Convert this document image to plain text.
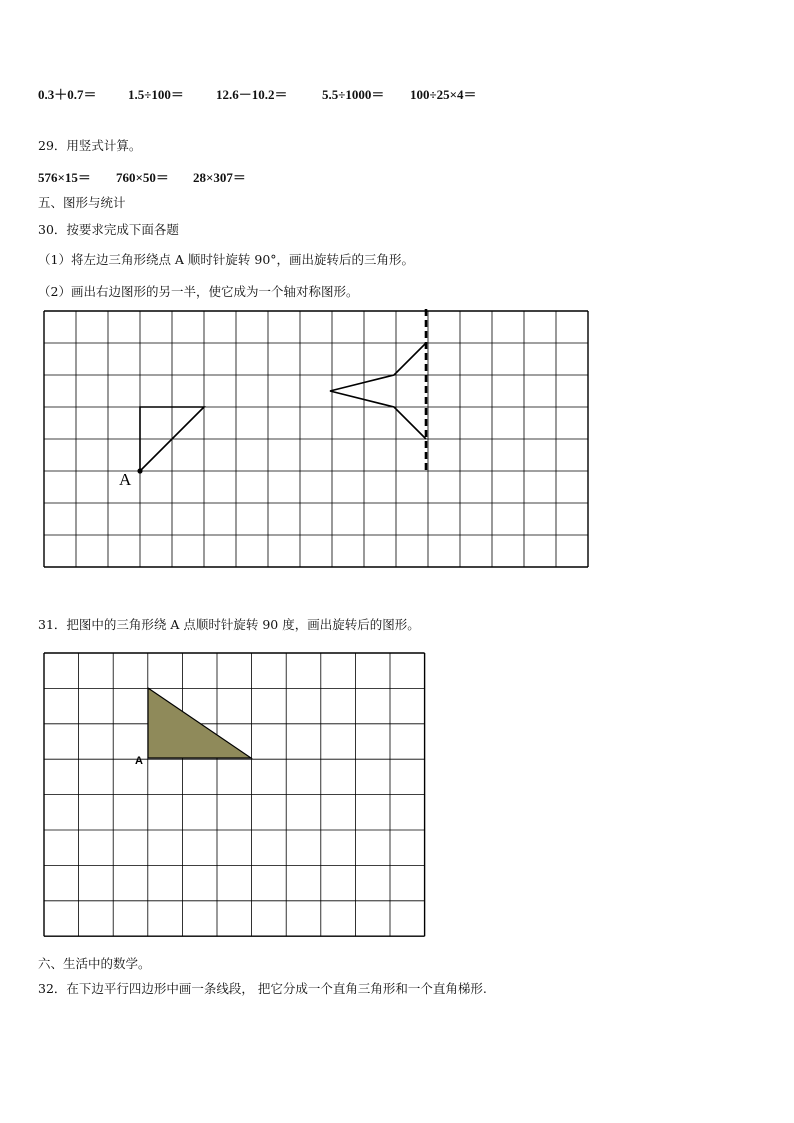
0.3＋0.7＝ 1.5÷100＝ 12.6－10.2＝	5.5÷1000＝ 100÷25×4＝
29．用竖式计算。
576×15＝ 760×50＝ 28×307＝
五、图形与统计
30．按要求完成下面各题
（1）将左边三角形绕点 A 顺时针旋转 90°，画出旋转后的三角形。
（2）画出右边图形的另一半，使它成为一个轴对称图形。
A
31．把图中的三角形绕 A 点顺时针旋转 90 度，画出旋转后的图形。
A
六、生活中的数学。
32．在下边平行四边形中画一条线段， 把它分成一个直角三角形和一个直角梯形.
